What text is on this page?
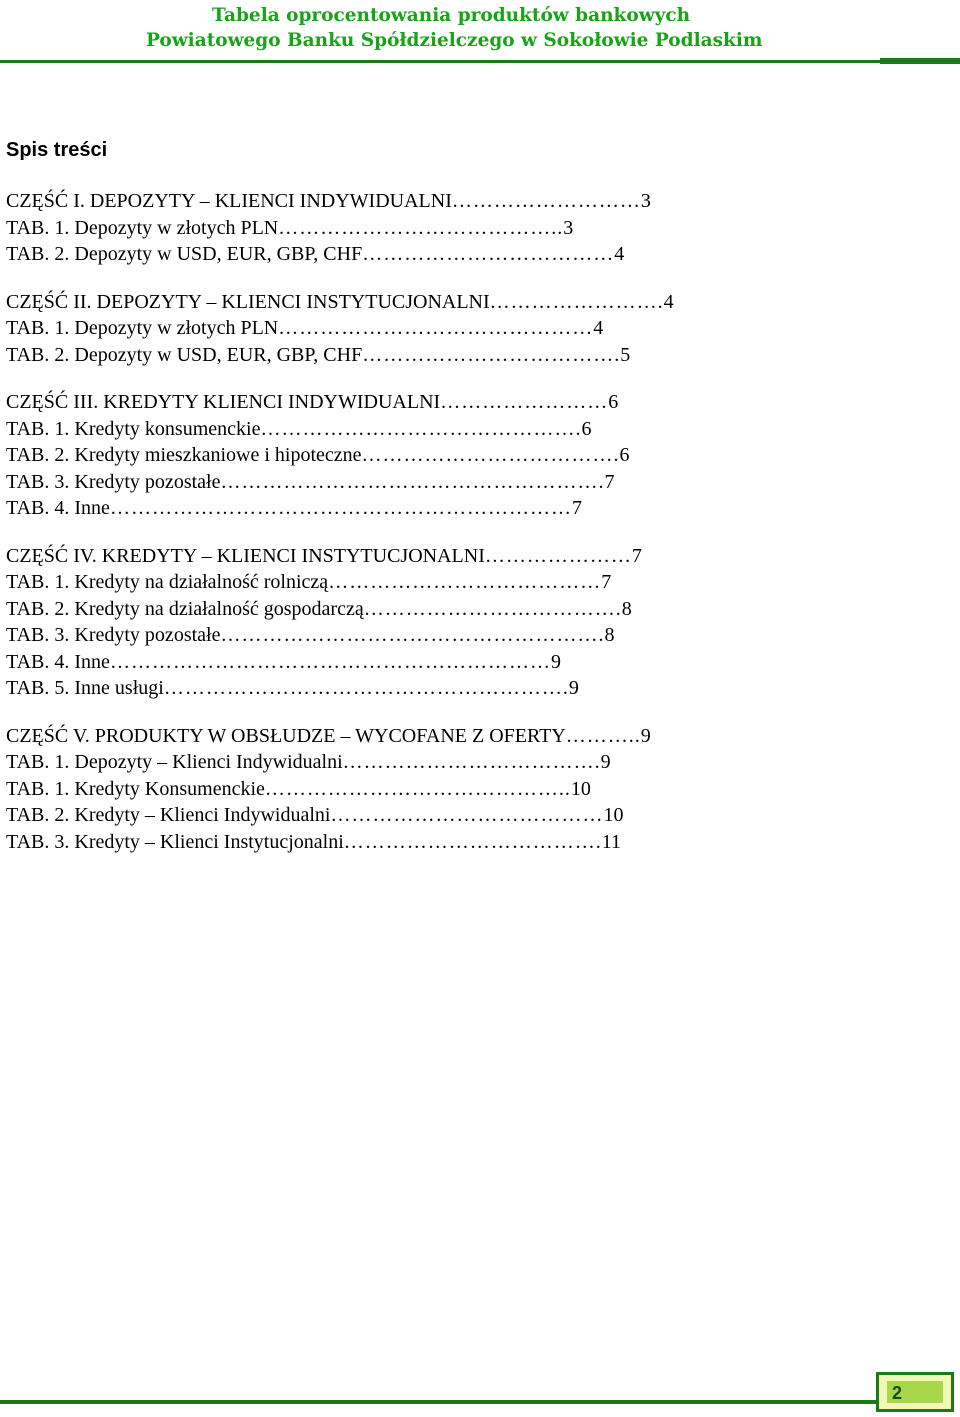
Tabela oprocentowania produktów bankowych
Powiatowego Banku Spółdzielczego w Sokołowie Podlaskim
Spis treści
CZĘŚĆ I. DEPOZYTY – KLIENCI INDYWIDUALNI ……………………… 3
TAB. 1. Depozyty w złotych PLN ………………………………….. 3
TAB. 2. Depozyty w USD, EUR, GBP, CHF ……………………………… 4
CZĘŚĆ II. DEPOZYTY – KLIENCI INSTYTUCJONALNI ……………………. 4
TAB. 1. Depozyty w złotych PLN ……………………………………… 4
TAB. 2. Depozyty w USD, EUR, GBP, CHF ………………………………. 5
CZĘŚĆ III. KREDYTY KLIENCI INDYWIDUALNI …………………… 6
TAB. 1. Kredyty konsumenckie ………………………………………. 6
TAB. 2. Kredyty mieszkaniowe i hipoteczne ………………………………. 6
TAB. 3. Kredyty pozostałe ………………………………………………. 7
TAB. 4. Inne ………………………………………………………… 7
CZĘŚĆ IV. KREDYTY – KLIENCI INSTYTUCJONALNI ………………… 7
TAB. 1. Kredyty na działalność rolniczą ………………………………… 7
TAB. 2. Kredyty na działalność gospodarczą ………………………………. 8
TAB. 3. Kredyty pozostałe ………………………………………………. 8
TAB. 4. Inne ……………………………………………………… 9
TAB. 5. Inne usługi …………………………………………………. 9
CZĘŚĆ V. PRODUKTY W OBSŁUDZE – WYCOFANE Z OFERTY ……….. 9
TAB. 1. Depozyty – Klienci Indywidualni ………………………………. 9
TAB. 1. Kredyty Konsumenckie …………………………………….. 10
TAB. 2. Kredyty – Klienci Indywidualni ………………………………… 10
TAB. 3. Kredyty – Klienci Instytucjonalni ………………………………. 11
2
